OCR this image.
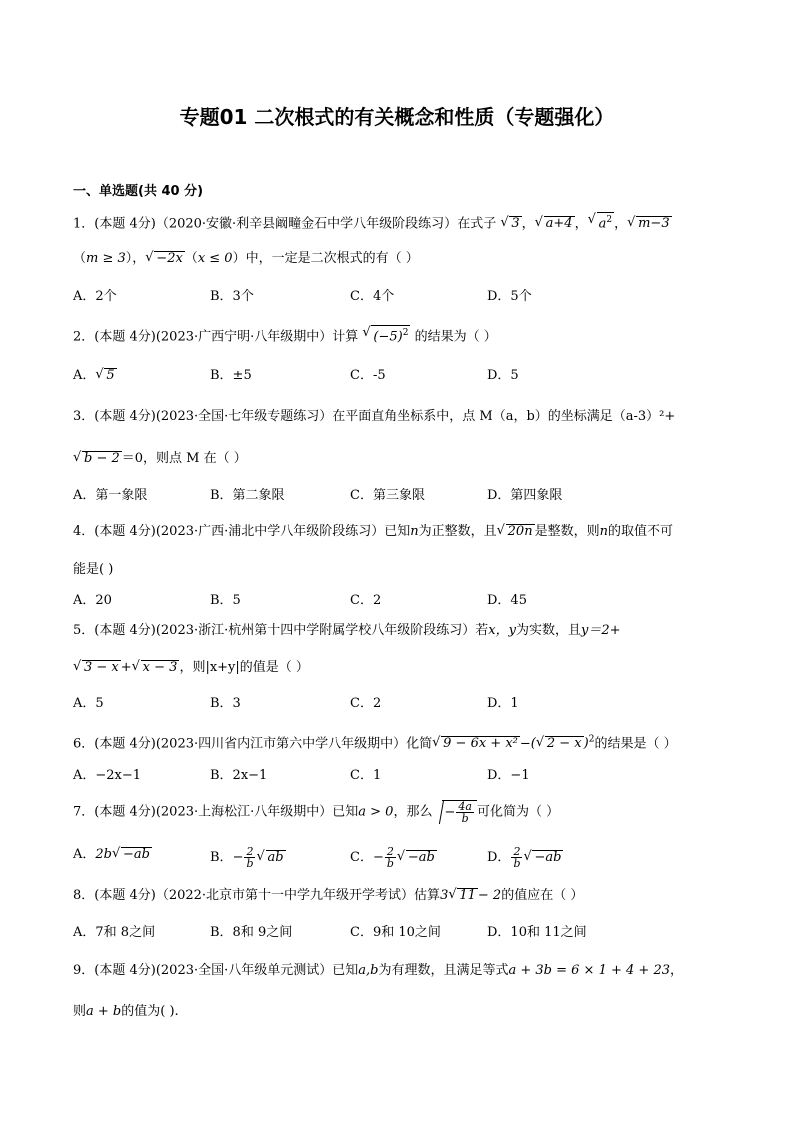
专题01 二次根式的有关概念和性质（专题强化）
一、单选题(共 40 分)
1．(本题 4分)（2020·安徽·利辛县阚疃金石中学八年级阶段练习）在式子 √ 3 ， √ a+4 ， √ $a^2$ ， √ m−3
（m ≥ 3）， √ −2x （x ≤ 0）中，一定是二次根式的有（ ）
A．2个	B．3个	C．4个	D．5个
2．(本题 4分)(2023·广西宁明·八年级期中）计算 √ $(-5)^2$ 的结果为（ ）
A． √ 5	B．±5	C．-5	D．5
3．(本题 4分)(2023·全国·七年级专题练习）在平面直角坐标系中，点 M（a，b）的坐标满足（a-3）²+
√ b − 2 ＝0，则点 M 在（ ）
A．第一象限	B．第二象限	C．第三象限	D．第四象限
4．(本题 4分)(2023·广西·浦北中学八年级阶段练习）已知n为正整数，且 √ 20n 是整数，则n的取值不可
能是( )
A．20	B．5	C．2	D．45
5．(本题 4分)(2023·浙江·杭州第十四中学附属学校八年级阶段练习）若x，y为实数，且y＝2+
√ 3 − x + √ x − 3 ，则|x+y|的值是（ ）
A．5	B．3	C．2	D．1
6．(本题 4分)(2023·四川省内江市第六中学八年级期中）化简 √ 9 − 6x + x² −( √ 2 − x )$^2$的结果是（ ）
A．−2x−1	B．2x−1	C．1	D．−1
7．(本题 4分)(2023·上海松江·八年级期中）已知a > 0，那么 − $\frac{4a}{b}$ 可化简为（ ）
A．2b √ −ab	B．− $\frac{2}{b}$ √ ab	C．− $\frac{2}{b}$ √ −ab	D． $\frac{2}{b}$ √ −ab
8．(本题 4分)（2022·北京市第十一中学九年级开学考试）估算3 √ 11 − 2的值应在（ ）
A．7和 8之间	B．8和 9之间	C．9和 10之间	D．10和 11之间
9．(本题 4分)(2023·全国·八年级单元测试）已知a,b为有理数，且满足等式a + 3b = 6 × 1 + 4 + 23，
则a + b的值为( ).
